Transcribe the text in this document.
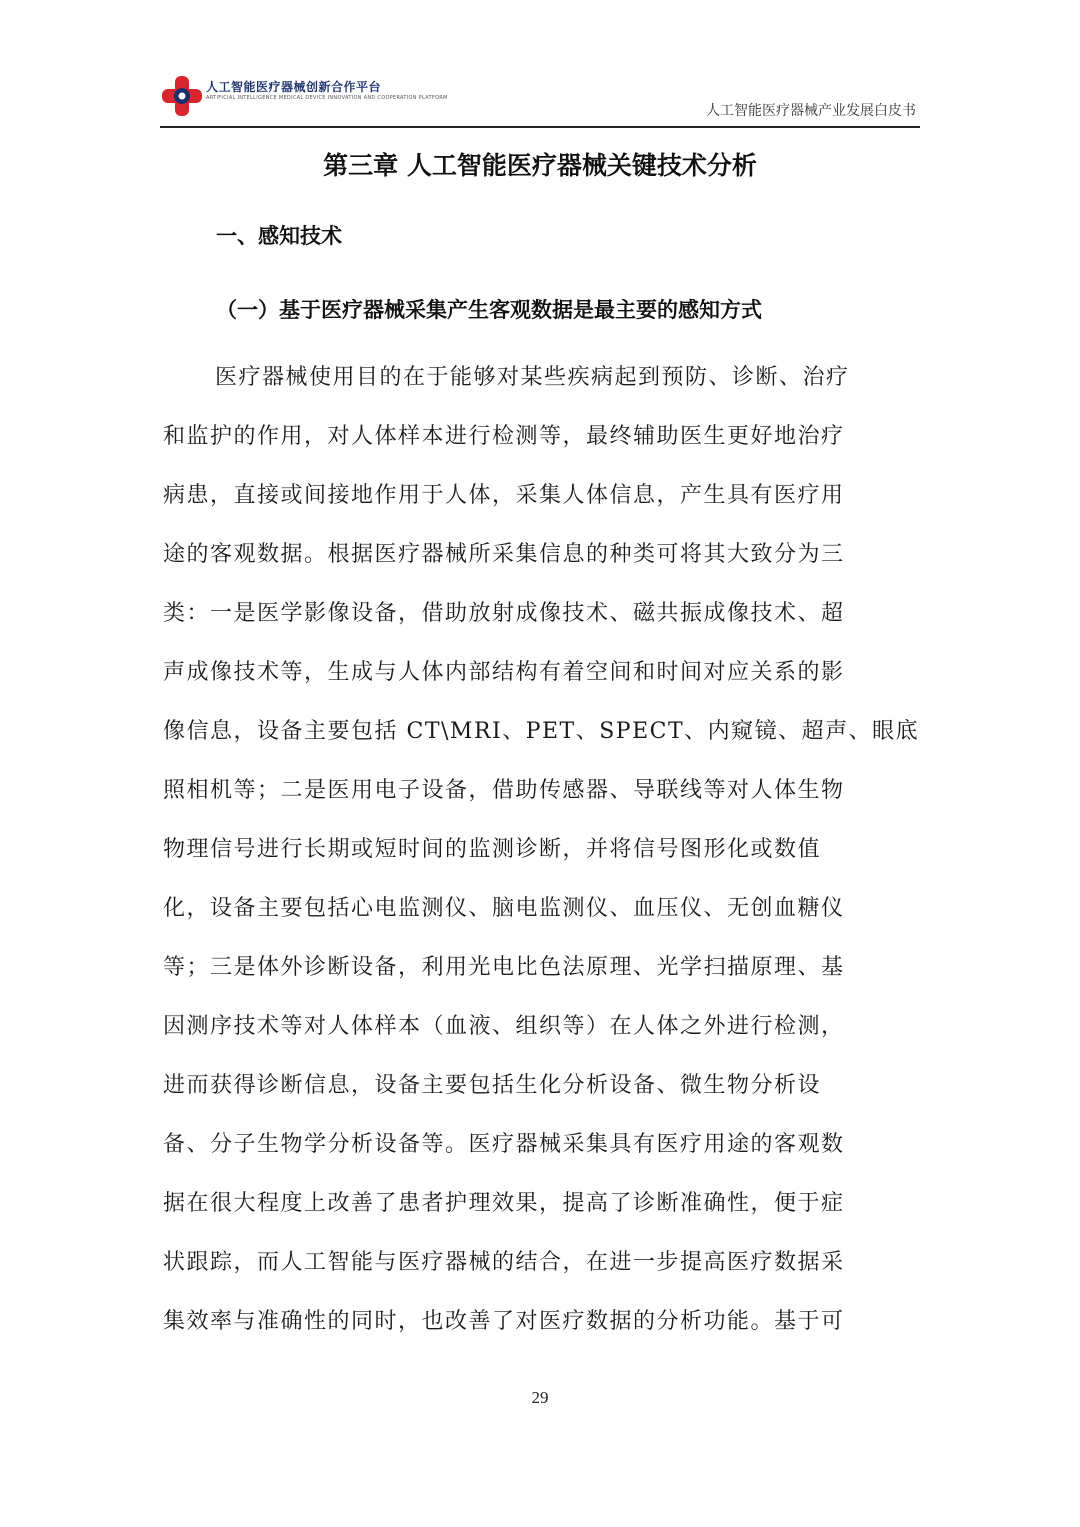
人工智能医疗器械创新合作平台
ARTIFICIAL INTELLIGENCE MEDICAL DEVICE INNOVATION AND COOPERATION PLATFORM
人工智能医疗器械产业发展白皮书
第三章 人工智能医疗器械关键技术分析
一、感知技术
（一）基于医疗器械采集产生客观数据是最主要的感知方式
医疗器械使用目的在于能够对某些疾病起到预防、诊断、治疗
和监护的作用，对人体样本进行检测等，最终辅助医生更好地治疗
病患，直接或间接地作用于人体，采集人体信息，产生具有医疗用
途的客观数据。根据医疗器械所采集信息的种类可将其大致分为三
类：一是医学影像设备，借助放射成像技术、磁共振成像技术、超
声成像技术等，生成与人体内部结构有着空间和时间对应关系的影
像信息，设备主要包括 CT\MRI、PET、SPECT、内窥镜、超声、眼底
照相机等；二是医用电子设备，借助传感器、导联线等对人体生物
物理信号进行长期或短时间的监测诊断，并将信号图形化或数值
化，设备主要包括心电监测仪、脑电监测仪、血压仪、无创血糖仪
等；三是体外诊断设备，利用光电比色法原理、光学扫描原理、基
因测序技术等对人体样本（血液、组织等）在人体之外进行检测，
进而获得诊断信息，设备主要包括生化分析设备、微生物分析设
备、分子生物学分析设备等。医疗器械采集具有医疗用途的客观数
据在很大程度上改善了患者护理效果，提高了诊断准确性，便于症
状跟踪，而人工智能与医疗器械的结合，在进一步提高医疗数据采
集效率与准确性的同时，也改善了对医疗数据的分析功能。基于可
29
